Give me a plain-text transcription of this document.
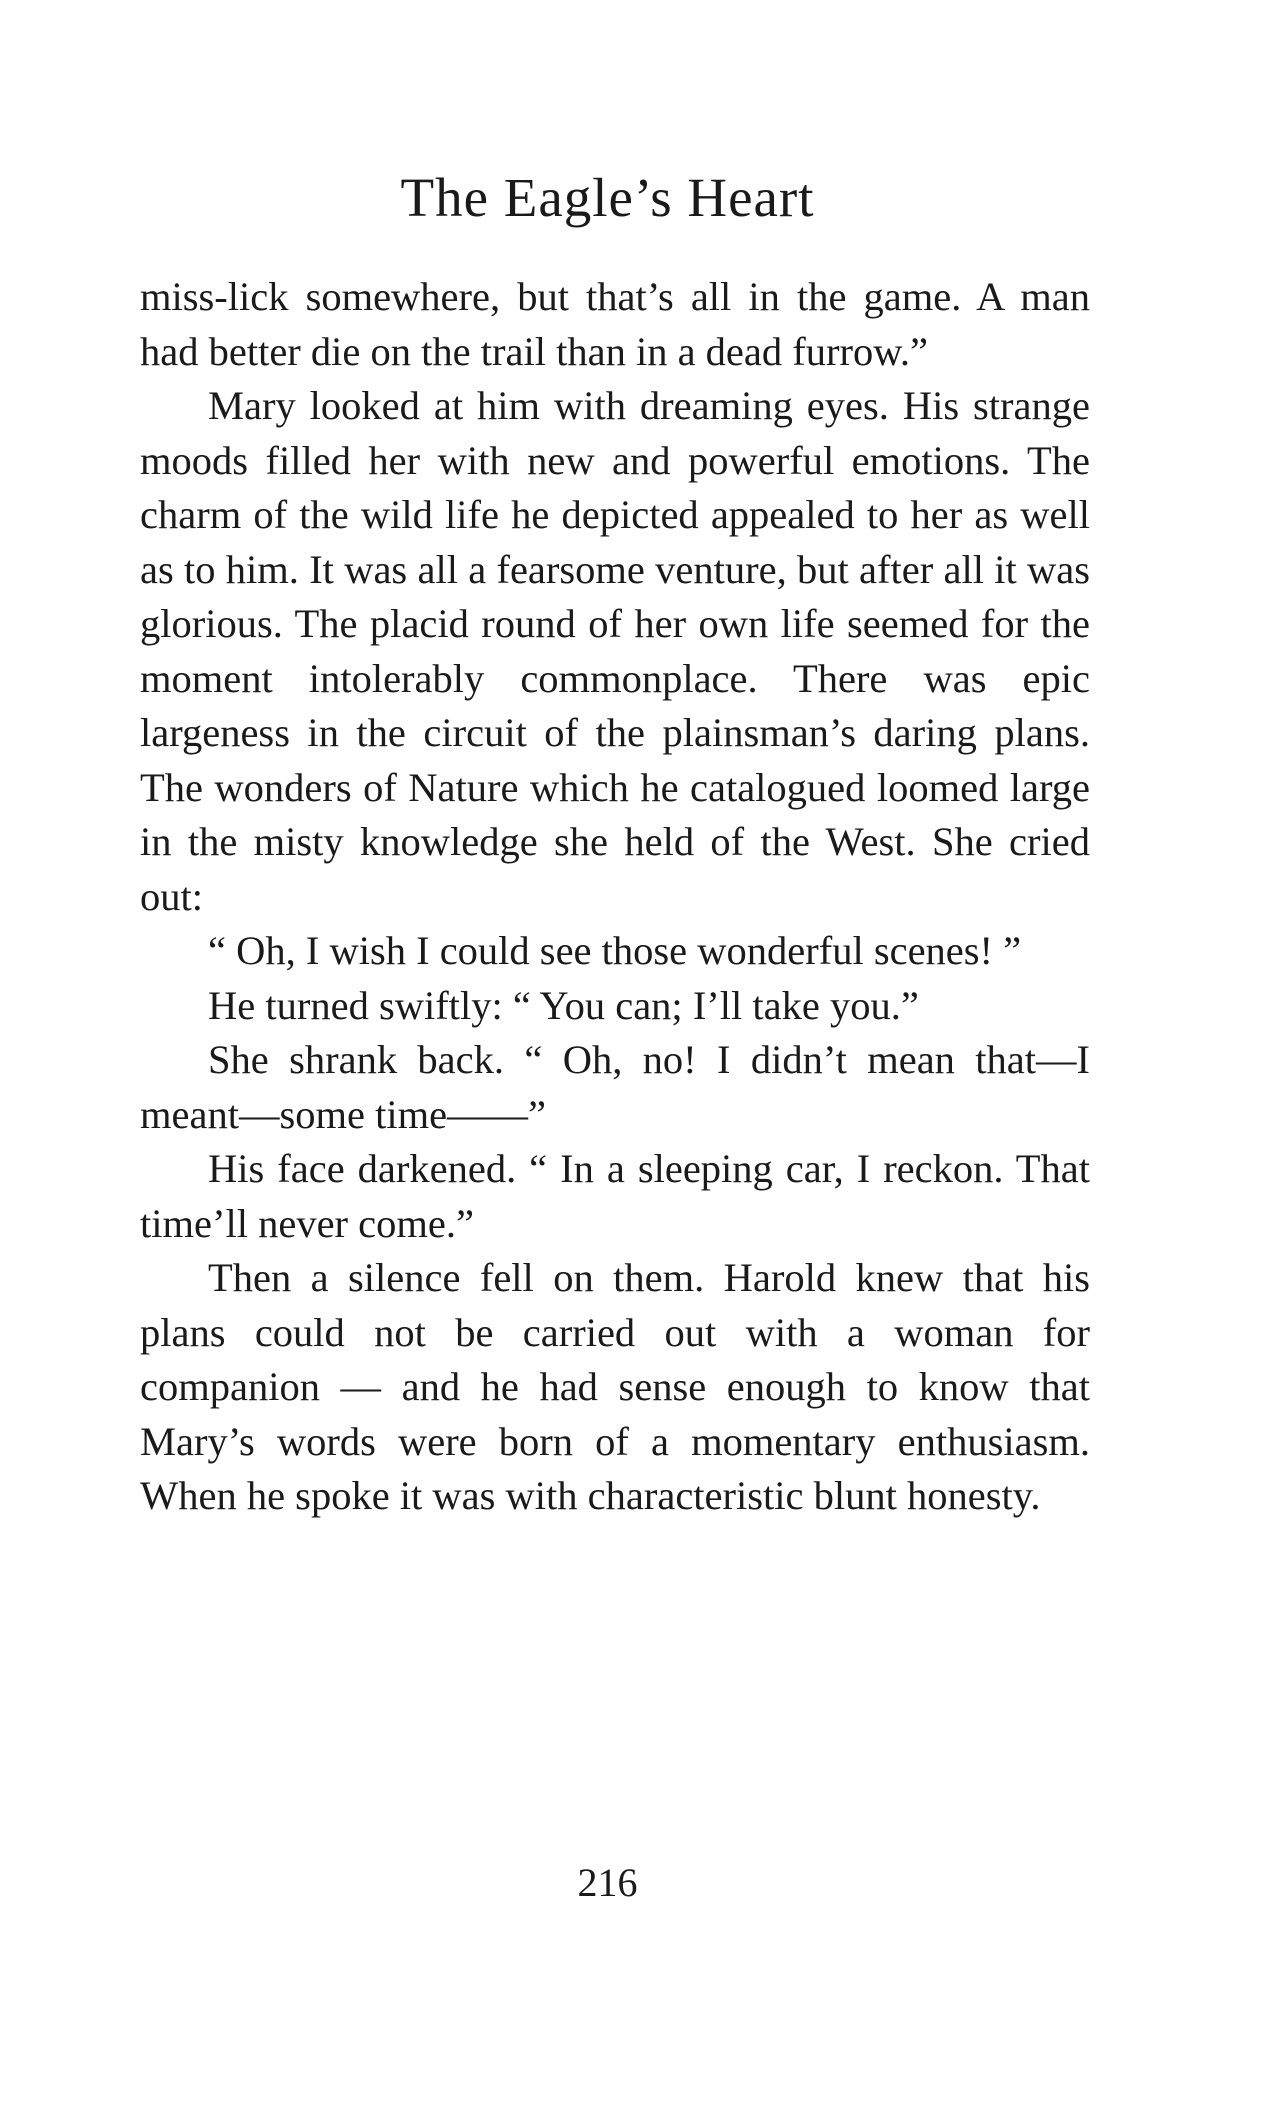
The Eagle’s Heart

miss-lick somewhere, but that’s all in the game. A man had better die on the trail than in a dead furrow.”

Mary looked at him with dreaming eyes. His strange moods filled her with new and powerful emotions. The charm of the wild life he depicted appealed to her as well as to him. It was all a fearsome venture, but after all it was glorious. The placid round of her own life seemed for the moment intolerably commonplace. There was epic largeness in the circuit of the plainsman’s daring plans. The wonders of Nature which he catalogued loomed large in the misty knowledge she held of the West. She cried out:

“ Oh, I wish I could see those wonderful scenes! ”

He turned swiftly: “ You can; I’ll take you.”

She shrank back. “ Oh, no! I didn’t mean that—I meant—some time——”

His face darkened. “ In a sleeping car, I reckon. That time’ll never come.”

Then a silence fell on them. Harold knew that his plans could not be carried out with a woman for companion — and he had sense enough to know that Mary’s words were born of a momentary enthusiasm. When he spoke it was with characteristic blunt honesty.

216
